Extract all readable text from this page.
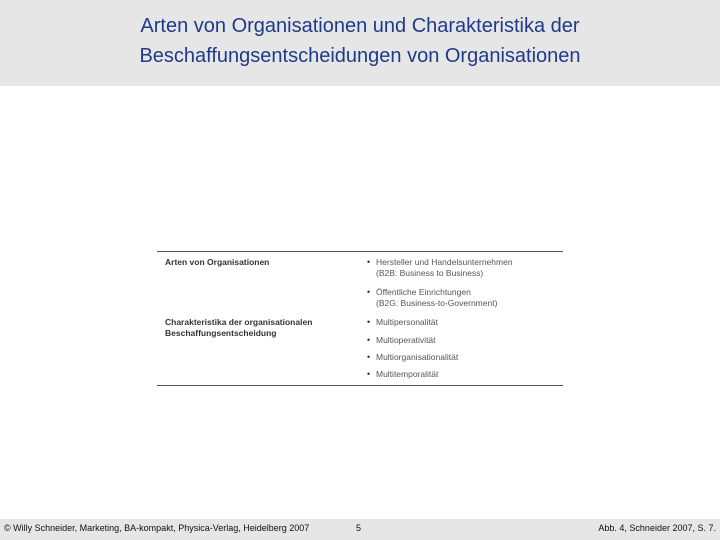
Arten von Organisationen und Charakteristika der
Beschaffungsentscheidungen von Organisationen
Arten von Organisationen
Charakteristika der organisationalen
Beschaffungsentscheidung
• Hersteller und Handelsunternehmen
(B2B: Business to Business)
• Öffentliche Einrichtungen
(B2G: Business-to-Government)
• Multipersonalität
• Multioperativität
• Multiorganisationalität
• Multitemporalität
© Willy Schneider, Marketing, BA-kompakt, Physica-Verlag, Heidelberg 2007	5	Abb. 4, Schneider 2007, S. 7.
